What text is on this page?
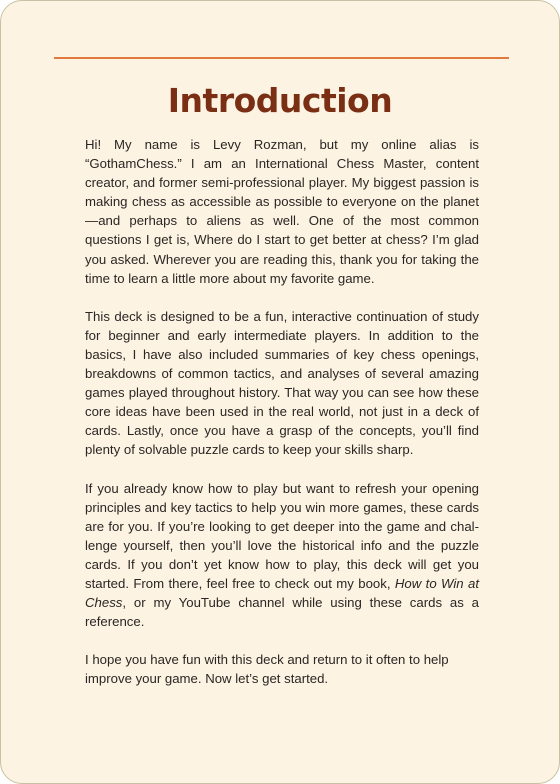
Introduction

Hi! My name is Levy Rozman, but my online alias is “GothamChess.” I am an International Chess Master, content creator, and former semi-professional player. My biggest passion is making chess as accessible as possible to everyone on the planet—and perhaps to aliens as well. One of the most common questions I get is, Where do I start to get better at chess? I’m glad you asked. Wherever you are reading this, thank you for taking the time to learn a little more about my favorite game.

This deck is designed to be a fun, interactive continuation of study for beginner and early intermediate players. In addition to the basics, I have also included summaries of key chess openings, breakdowns of common tactics, and analyses of several amazing games played throughout history. That way you can see how these core ideas have been used in the real world, not just in a deck of cards. Lastly, once you have a grasp of the concepts, you’ll find plenty of solvable puzzle cards to keep your skills sharp.

If you already know how to play but want to refresh your opening principles and key tactics to help you win more games, these cards are for you. If you’re looking to get deeper into the game and challenge yourself, then you’ll love the historical info and the puzzle cards. If you don’t yet know how to play, this deck will get you started. From there, feel free to check out my book, How to Win at Chess, or my YouTube channel while using these cards as a reference.

I hope you have fun with this deck and return to it often to help improve your game. Now let’s get started.
